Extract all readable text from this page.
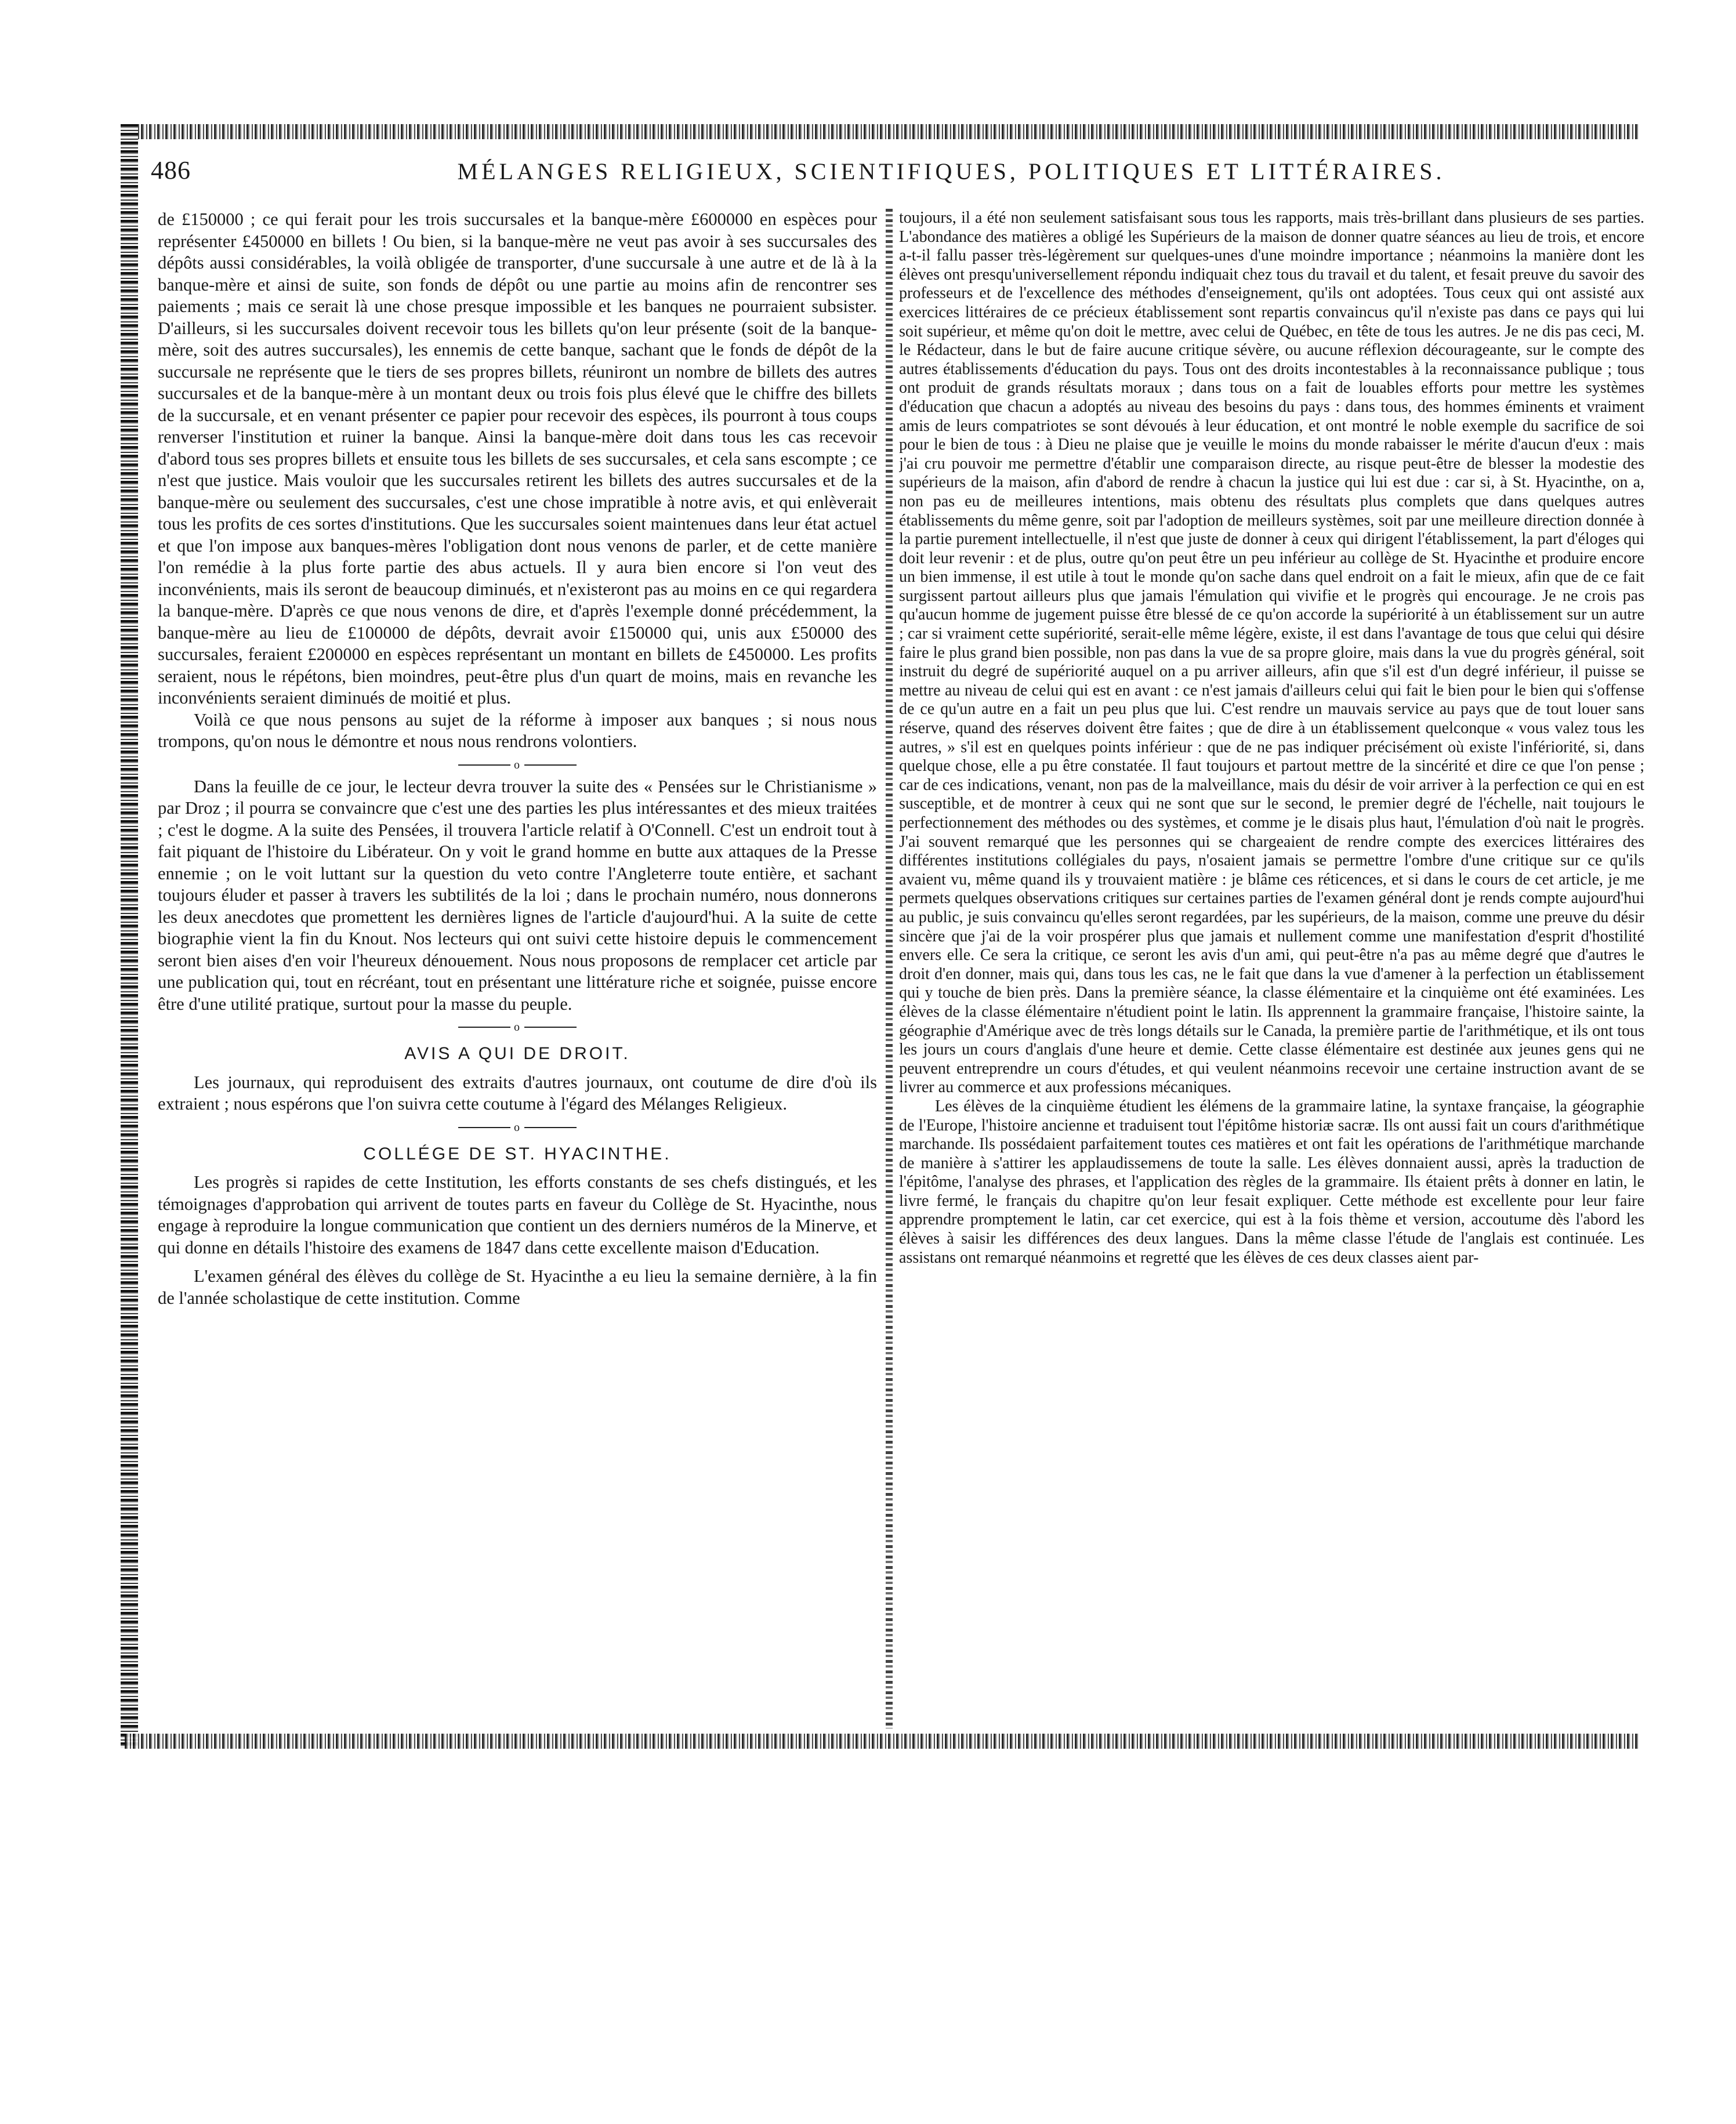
486	MÉLANGES RELIGIEUX, SCIENTIFIQUES, POLITIQUES ET LITTÉRAIRES.

de £150000 ; ce qui ferait pour les trois succursales et la banque-mère £600000 en espèces pour représenter £450000 en billets ! Ou bien, si la banque-mère ne veut pas avoir à ses succursales des dépôts aussi considérables, la voilà obligée de transporter, d'une succursale à une autre et de là à la banque-mère et ainsi de suite, son fonds de dépôt ou une partie au moins afin de rencontrer ses paiements ; mais ce serait là une chose presque impossible et les banques ne pourraient subsister. D'ailleurs, si les succursales doivent recevoir tous les billets qu'on leur présente (soit de la banque-mère, soit des autres succursales), les ennemis de cette banque, sachant que le fonds de dépôt de la succursale ne représente que le tiers de ses propres billets, réuniront un nombre de billets des autres succursales et de la banque-mère à un montant deux ou trois fois plus élevé que le chiffre des billets de la succursale, et en venant présenter ce papier pour recevoir des espèces, ils pourront à tous coups renverser l'institution et ruiner la banque. Ainsi la banque-mère doit dans tous les cas recevoir d'abord tous ses propres billets et ensuite tous les billets de ses succursales, et cela sans escompte ; ce n'est que justice. Mais vouloir que les succursales retirent les billets des autres succursales et de la banque-mère ou seulement des succursales, c'est une chose impratible à notre avis, et qui enlèverait tous les profits de ces sortes d'institutions. Que les succursales soient maintenues dans leur état actuel et que l'on impose aux banques-mères l'obligation dont nous venons de parler, et de cette manière l'on remédie à la plus forte partie des abus actuels. Il y aura bien encore si l'on veut des inconvénients, mais ils seront de beaucoup diminués, et n'existeront pas au moins en ce qui regardera la banque-mère. D'après ce que nous venons de dire, et d'après l'exemple donné précédemment, la banque-mère au lieu de £100000 de dépôts, devrait avoir £150000 qui, unis aux £50000 des succursales, feraient £200000 en espèces représentant un montant en billets de £450000. Les profits seraient, nous le répétons, bien moindres, peut-être plus d'un quart de moins, mais en revanche les inconvénients seraient diminués de moitié et plus.

Voilà ce que nous pensons au sujet de la réforme à imposer aux banques ; si nous nous trompons, qu'on nous le démontre et nous nous rendrons volontiers.

o

Dans la feuille de ce jour, le lecteur devra trouver la suite des « Pensées sur le Christianisme » par Droz ; il pourra se convaincre que c'est une des parties les plus intéressantes et des mieux traitées ; c'est le dogme. A la suite des Pensées, il trouvera l'article relatif à O'Connell. C'est un endroit tout à fait piquant de l'histoire du Libérateur. On y voit le grand homme en butte aux attaques de la Presse ennemie ; on le voit luttant sur la question du veto contre l'Angleterre toute entière, et sachant toujours éluder et passer à travers les subtilités de la loi ; dans le prochain numéro, nous donnerons les deux anecdotes que promettent les dernières lignes de l'article d'aujourd'hui. A la suite de cette biographie vient la fin du Knout. Nos lecteurs qui ont suivi cette histoire depuis le commencement seront bien aises d'en voir l'heureux dénouement. Nous nous proposons de remplacer cet article par une publication qui, tout en récréant, tout en présentant une littérature riche et soignée, puisse encore être d'une utilité pratique, surtout pour la masse du peuple.

o
AVIS A QUI DE DROIT.

Les journaux, qui reproduisent des extraits d'autres journaux, ont coutume de dire d'où ils extraient ; nous espérons que l'on suivra cette coutume à l'égard des Mélanges Religieux.

o
COLLÉGE DE ST. HYACINTHE.

Les progrès si rapides de cette Institution, les efforts constants de ses chefs distingués, et les témoignages d'approbation qui arrivent de toutes parts en faveur du Collège de St. Hyacinthe, nous engage à reproduire la longue communication que contient un des derniers numéros de la Minerve, et qui donne en détails l'histoire des examens de 1847 dans cette excellente maison d'Education.

L'examen général des élèves du collège de St. Hyacinthe a eu lieu la semaine dernière, à la fin de l'année scholastique de cette institution. Comme

toujours, il a été non seulement satisfaisant sous tous les rapports, mais très-brillant dans plusieurs de ses parties. L'abondance des matières a obligé les Supérieurs de la maison de donner quatre séances au lieu de trois, et encore a-t-il fallu passer très-légèrement sur quelques-unes d'une moindre importance ; néanmoins la manière dont les élèves ont presqu'universellement répondu indiquait chez tous du travail et du talent, et fesait preuve du savoir des professeurs et de l'excellence des méthodes d'enseignement, qu'ils ont adoptées. Tous ceux qui ont assisté aux exercices littéraires de ce précieux établissement sont repartis convaincus qu'il n'existe pas dans ce pays qui lui soit supérieur, et même qu'on doit le mettre, avec celui de Québec, en tête de tous les autres. Je ne dis pas ceci, M. le Rédacteur, dans le but de faire aucune critique sévère, ou aucune réflexion décourageante, sur le compte des autres établissements d'éducation du pays. Tous ont des droits incontestables à la reconnaissance publique ; tous ont produit de grands résultats moraux ; dans tous on a fait de louables efforts pour mettre les systèmes d'éducation que chacun a adoptés au niveau des besoins du pays : dans tous, des hommes éminents et vraiment amis de leurs compatriotes se sont dévoués à leur éducation, et ont montré le noble exemple du sacrifice de soi pour le bien de tous : à Dieu ne plaise que je veuille le moins du monde rabaisser le mérite d'aucun d'eux : mais j'ai cru pouvoir me permettre d'établir une comparaison directe, au risque peut-être de blesser la modestie des supérieurs de la maison, afin d'abord de rendre à chacun la justice qui lui est due : car si, à St. Hyacinthe, on a, non pas eu de meilleures intentions, mais obtenu des résultats plus complets que dans quelques autres établissements du même genre, soit par l'adoption de meilleurs systèmes, soit par une meilleure direction donnée à la partie purement intellectuelle, il n'est que juste de donner à ceux qui dirigent l'établissement, la part d'éloges qui doit leur revenir : et de plus, outre qu'on peut être un peu inférieur au collège de St. Hyacinthe et produire encore un bien immense, il est utile à tout le monde qu'on sache dans quel endroit on a fait le mieux, afin que de ce fait surgissent partout ailleurs plus que jamais l'émulation qui vivifie et le progrès qui encourage. Je ne crois pas qu'aucun homme de jugement puisse être blessé de ce qu'on accorde la supériorité à un établissement sur un autre ; car si vraiment cette supériorité, serait-elle même légère, existe, il est dans l'avantage de tous que celui qui désire faire le plus grand bien possible, non pas dans la vue de sa propre gloire, mais dans la vue du progrès général, soit instruit du degré de supériorité auquel on a pu arriver ailleurs, afin que s'il est d'un degré inférieur, il puisse se mettre au niveau de celui qui est en avant : ce n'est jamais d'ailleurs celui qui fait le bien pour le bien qui s'offense de ce qu'un autre en a fait un peu plus que lui. C'est rendre un mauvais service au pays que de tout louer sans réserve, quand des réserves doivent être faites ; que de dire à un établissement quelconque « vous valez tous les autres, » s'il est en quelques points inférieur : que de ne pas indiquer précisément où existe l'infériorité, si, dans quelque chose, elle a pu être constatée. Il faut toujours et partout mettre de la sincérité et dire ce que l'on pense ; car de ces indications, venant, non pas de la malveillance, mais du désir de voir arriver à la perfection ce qui en est susceptible, et de montrer à ceux qui ne sont que sur le second, le premier degré de l'échelle, nait toujours le perfectionnement des méthodes ou des systèmes, et comme je le disais plus haut, l'émulation d'où nait le progrès. J'ai souvent remarqué que les personnes qui se chargeaient de rendre compte des exercices littéraires des différentes institutions collégiales du pays, n'osaient jamais se permettre l'ombre d'une critique sur ce qu'ils avaient vu, même quand ils y trouvaient matière : je blâme ces réticences, et si dans le cours de cet article, je me permets quelques observations critiques sur certaines parties de l'examen général dont je rends compte aujourd'hui au public, je suis convaincu qu'elles seront regardées, par les supérieurs, de la maison, comme une preuve du désir sincère que j'ai de la voir prospérer plus que jamais et nullement comme une manifestation d'esprit d'hostilité envers elle. Ce sera la critique, ce seront les avis d'un ami, qui peut-être n'a pas au même degré que d'autres le droit d'en donner, mais qui, dans tous les cas, ne le fait que dans la vue d'amener à la perfection un établissement qui y touche de bien près. Dans la première séance, la classe élémentaire et la cinquième ont été examinées. Les élèves de la classe élémentaire n'étudient point le latin. Ils apprennent la grammaire française, l'histoire sainte, la géographie d'Amérique avec de très longs détails sur le Canada, la première partie de l'arithmétique, et ils ont tous les jours un cours d'anglais d'une heure et demie. Cette classe élémentaire est destinée aux jeunes gens qui ne peuvent entreprendre un cours d'études, et qui veulent néanmoins recevoir une certaine instruction avant de se livrer au commerce et aux professions mécaniques.

Les élèves de la cinquième étudient les élémens de la grammaire latine, la syntaxe française, la géographie de l'Europe, l'histoire ancienne et traduisent tout l'épitôme historiæ sacræ. Ils ont aussi fait un cours d'arithmétique marchande. Ils possédaient parfaitement toutes ces matières et ont fait les opérations de l'arithmétique marchande de manière à s'attirer les applaudissemens de toute la salle. Les élèves donnaient aussi, après la traduction de l'épitôme, l'analyse des phrases, et l'application des règles de la grammaire. Ils étaient prêts à donner en latin, le livre fermé, le français du chapitre qu'on leur fesait expliquer. Cette méthode est excellente pour leur faire apprendre promptement le latin, car cet exercice, qui est à la fois thème et version, accoutume dès l'abord les élèves à saisir les différences des deux langues. Dans la même classe l'étude de l'anglais est continuée. Les assistans ont remarqué néanmoins et regretté que les élèves de ces deux classes aient par-
